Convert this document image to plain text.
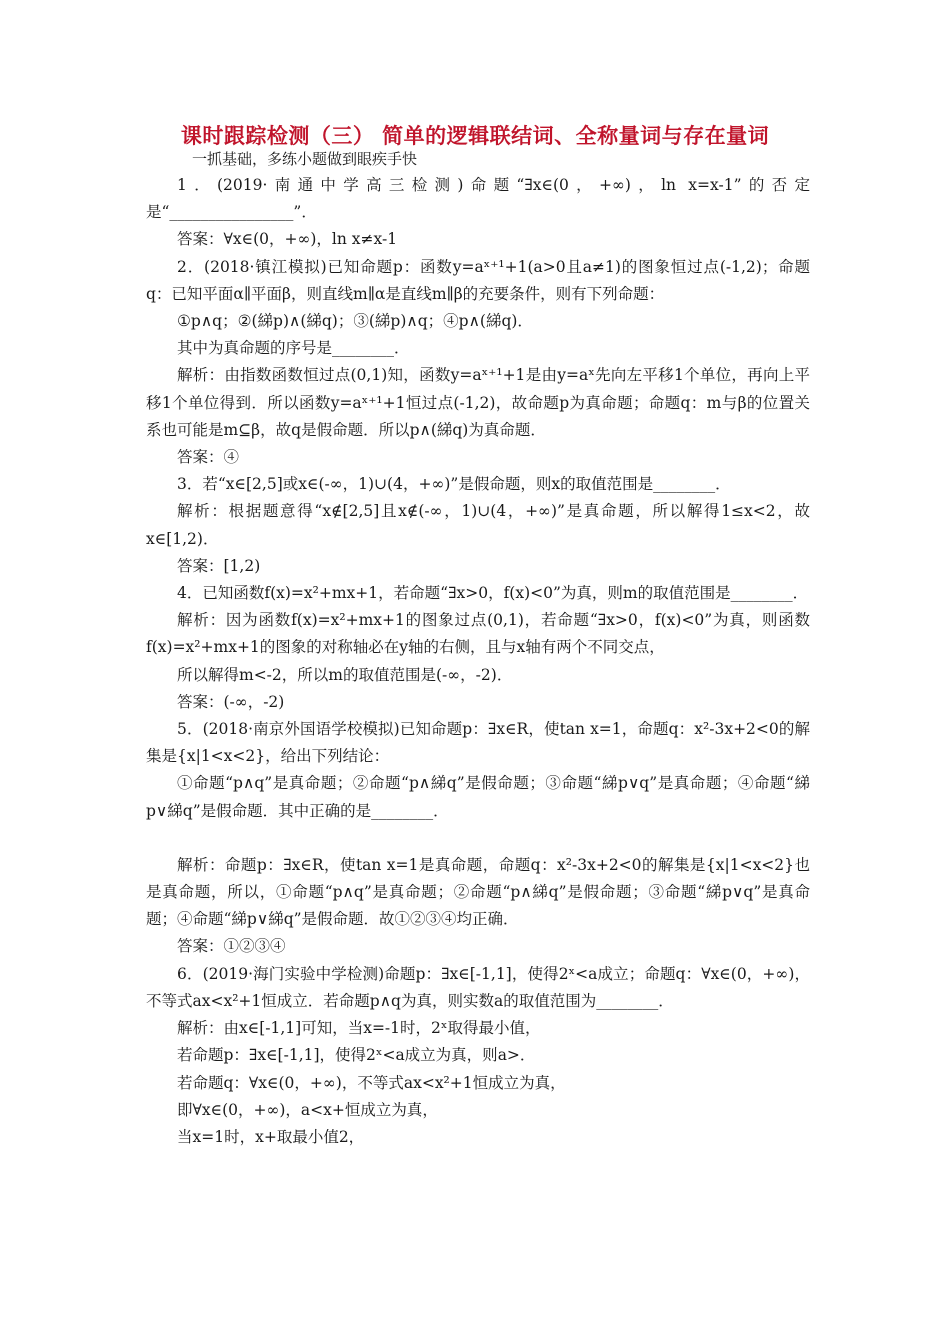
课时跟踪检测（三） 简单的逻辑联结词、全称量词与存在量词

一抓基础，多练小题做到眼疾手快

1．(2019·南通中学高三检测)命题“∃x∈(0，+∞)，ln x=x-1”的否定是“________________”．

答案：∀x∈(0，+∞)，ln x≠x-1

2．(2018·镇江模拟)已知命题p：函数y=aˣ⁺¹+1(a>0且a≠1)的图象恒过点(-1,2)；命题q：已知平面α∥平面β，则直线m∥α是直线m∥β的充要条件，则有下列命题：

①p∧q；②(綈p)∧(綈q)；③(綈p)∧q；④p∧(綈q)．

其中为真命题的序号是________．

解析：由指数函数恒过点(0,1)知，函数y=aˣ⁺¹+1是由y=aˣ先向左平移1个单位，再向上平移1个单位得到．所以函数y=aˣ⁺¹+1恒过点(-1,2)，故命题p为真命题；命题q：m与β的位置关系也可能是m⊆β，故q是假命题．所以p∧(綈q)为真命题．

答案：④

3．若“x∈[2,5]或x∈(-∞，1)∪(4，+∞)”是假命题，则x的取值范围是________．

解析：根据题意得“x∉[2,5]且x∉(-∞，1)∪(4，+∞)”是真命题，所以解得1≤x<2，故x∈[1,2)．

答案：[1,2)

4．已知函数f(x)=x²+mx+1，若命题“∃x>0，f(x)<0”为真，则m的取值范围是________．

解析：因为函数f(x)=x²+mx+1的图象过点(0,1)，若命题“∃x>0，f(x)<0”为真，则函数f(x)=x²+mx+1的图象的对称轴必在y轴的右侧，且与x轴有两个不同交点，

所以解得m<-2，所以m的取值范围是(-∞，-2)．

答案：(-∞，-2)

5．(2018·南京外国语学校模拟)已知命题p：∃x∈R，使tan x=1，命题q：x²-3x+2<0的解集是{x|1<x<2}，给出下列结论：

①命题“p∧q”是真命题；②命题“p∧綈q”是假命题；③命题“綈p∨q”是真命题；④命题“綈p∨綈q”是假命题．其中正确的是________．

解析：命题p：∃x∈R，使tan x=1是真命题，命题q：x²-3x+2<0的解集是{x|1<x<2}也是真命题，所以，①命题“p∧q”是真命题；②命题“p∧綈q”是假命题；③命题“綈p∨q”是真命题；④命题“綈p∨綈q”是假命题．故①②③④均正确．

答案：①②③④

6．(2019·海门实验中学检测)命题p：∃x∈[-1,1]，使得2ˣ<a成立；命题q：∀x∈(0，+∞)，不等式ax<x²+1恒成立．若命题p∧q为真，则实数a的取值范围为________．

解析：由x∈[-1,1]可知，当x=-1时，2ˣ取得最小值，

若命题p：∃x∈[-1,1]，使得2ˣ<a成立为真，则a>．

若命题q：∀x∈(0，+∞)，不等式ax<x²+1恒成立为真，

即∀x∈(0，+∞)，a<x+恒成立为真，

当x=1时，x+取最小值2，
